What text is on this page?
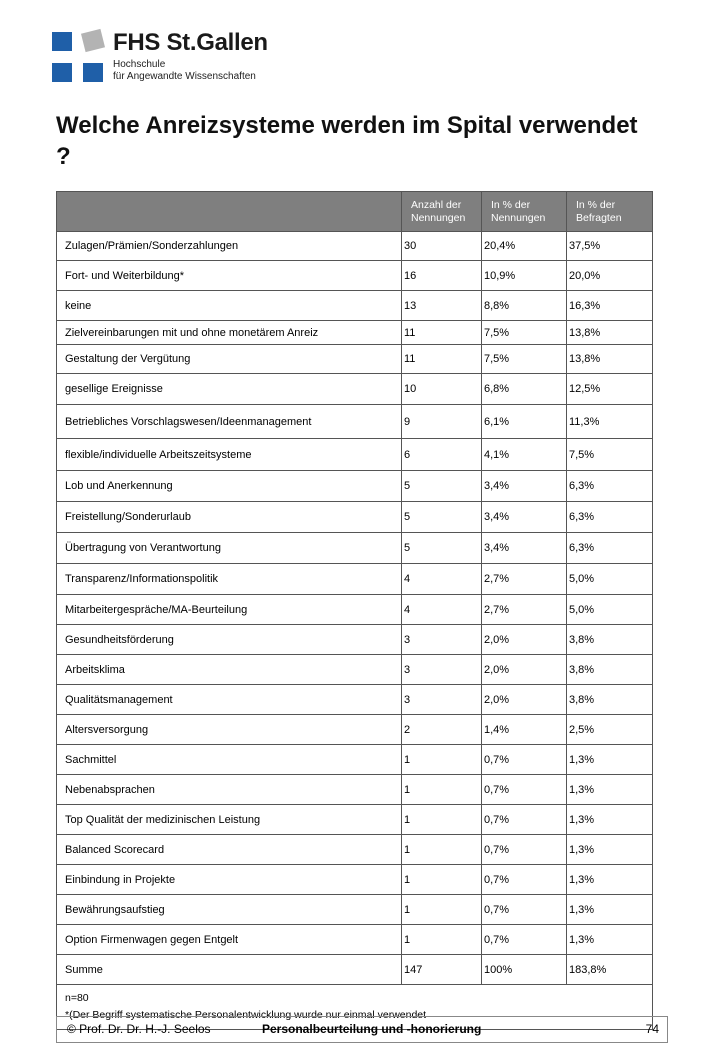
FHS St.Gallen
Hochschule
für Angewandte Wissenschaften
Welche Anreizsysteme werden im Spital verwendet ?
	Anzahl der Nennungen	In % der Nennungen	In % der Befragten
Zulagen/Prämien/Sonderzahlungen	30	20,4%	37,5%
Fort- und Weiterbildung*	16	10,9%	20,0%
keine	13	8,8%	16,3%
Zielvereinbarungen mit und ohne monetärem Anreiz	11	7,5%	13,8%
Gestaltung der Vergütung	11	7,5%	13,8%
gesellige Ereignisse	10	6,8%	12,5%
Betriebliches Vorschlagswesen/Ideenmanagement	9	6,1%	11,3%
flexible/individuelle Arbeitszeitsysteme	6	4,1%	7,5%
Lob und Anerkennung	5	3,4%	6,3%
Freistellung/Sonderurlaub	5	3,4%	6,3%
Übertragung von Verantwortung	5	3,4%	6,3%
Transparenz/Informationspolitik	4	2,7%	5,0%
Mitarbeitergespräche/MA-Beurteilung	4	2,7%	5,0%
Gesundheitsförderung	3	2,0%	3,8%
Arbeitsklima	3	2,0%	3,8%
Qualitätsmanagement	3	2,0%	3,8%
Altersversorgung	2	1,4%	2,5%
Sachmittel	1	0,7%	1,3%
Nebenabsprachen	1	0,7%	1,3%
Top Qualität der medizinischen Leistung	1	0,7%	1,3%
Balanced Scorecard	1	0,7%	1,3%
Einbindung in Projekte	1	0,7%	1,3%
Bewährungsaufstieg	1	0,7%	1,3%
Option Firmenwagen gegen Entgelt	1	0,7%	1,3%
Summe	147	100%	183,8%

n=80
*(Der Begriff systematische Personalentwicklung wurde nur einmal verwendet			
© Prof. Dr. Dr. H.-J. Seelos	Personalbeurteilung und -honorierung	74
